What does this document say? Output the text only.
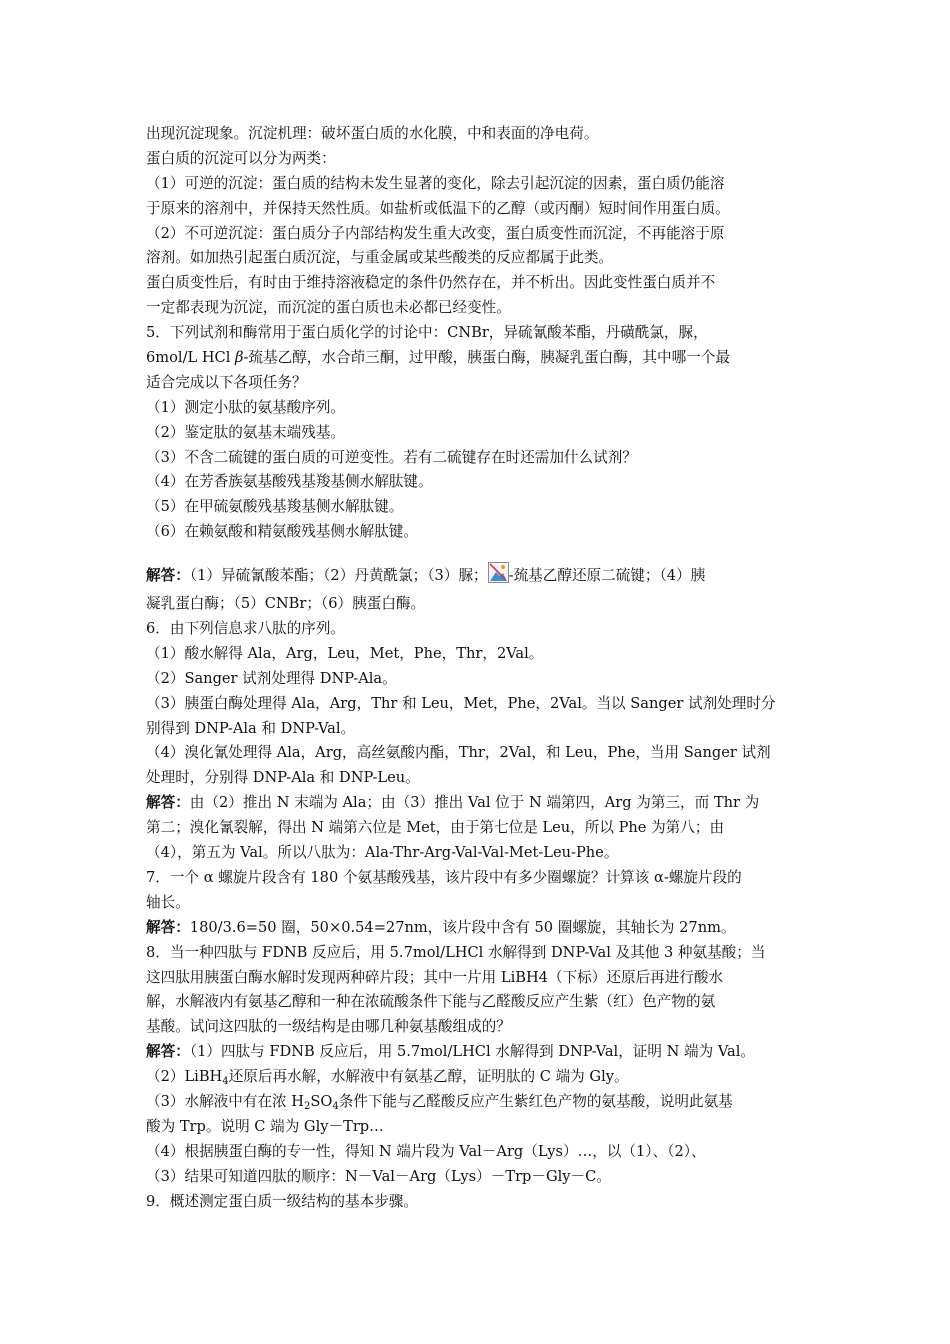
出现沉淀现象。沉淀机理：破坏蛋白质的水化膜，中和表面的净电荷。
蛋白质的沉淀可以分为两类：
（1）可逆的沉淀：蛋白质的结构未发生显著的变化，除去引起沉淀的因素，蛋白质仍能溶
于原来的溶剂中，并保持天然性质。如盐析或低温下的乙醇（或丙酮）短时间作用蛋白质。
（2）不可逆沉淀：蛋白质分子内部结构发生重大改变，蛋白质变性而沉淀，不再能溶于原
溶剂。如加热引起蛋白质沉淀，与重金属或某些酸类的反应都属于此类。
蛋白质变性后，有时由于维持溶液稳定的条件仍然存在，并不析出。因此变性蛋白质并不
一定都表现为沉淀，而沉淀的蛋白质也未必都已经变性。
5．下列试剂和酶常用于蛋白质化学的讨论中：CNBr，异硫氰酸苯酯，丹磺酰氯，脲，
6mol/L HCl β-巯基乙醇，水合茚三酮，过甲酸，胰蛋白酶，胰凝乳蛋白酶，其中哪一个最
适合完成以下各项任务？
（1）测定小肽的氨基酸序列。
（2）鉴定肽的氨基末端残基。
（3）不含二硫键的蛋白质的可逆变性。若有二硫键存在时还需加什么试剂？
（4）在芳香族氨基酸残基羧基侧水解肽键。
（5）在甲硫氨酸残基羧基侧水解肽键。
（6）在赖氨酸和精氨酸残基侧水解肽键。
解答：（1）异硫氰酸苯酯；（2）丹黄酰氯；（3）脲； -巯基乙醇还原二硫键；（4）胰
凝乳蛋白酶；（5）CNBr；（6）胰蛋白酶。
6．由下列信息求八肽的序列。
（1）酸水解得 Ala，Arg，Leu，Met，Phe，Thr，2Val。
（2）Sanger 试剂处理得 DNP-Ala。
（3）胰蛋白酶处理得 Ala，Arg，Thr 和 Leu，Met，Phe，2Val。当以 Sanger 试剂处理时分
别得到 DNP-Ala 和 DNP-Val。
（4）溴化氰处理得 Ala，Arg，高丝氨酸内酯，Thr，2Val，和 Leu，Phe，当用 Sanger 试剂
处理时，分别得 DNP-Ala 和 DNP-Leu。
解答：由（2）推出 N 末端为 Ala；由（3）推出 Val 位于 N 端第四，Arg 为第三，而 Thr 为
第二；溴化氰裂解，得出 N 端第六位是 Met，由于第七位是 Leu，所以 Phe 为第八；由
（4），第五为 Val。所以八肽为：Ala-Thr-Arg-Val-Val-Met-Leu-Phe。
7．一个 α 螺旋片段含有 180 个氨基酸残基，该片段中有多少圈螺旋？计算该 α-螺旋片段的
轴长。
解答：180/3.6=50 圈，50×0.54=27nm，该片段中含有 50 圈螺旋，其轴长为 27nm。
8．当一种四肽与 FDNB 反应后，用 5.7mol/LHCl 水解得到 DNP-Val 及其他 3 种氨基酸；当
这四肽用胰蛋白酶水解时发现两种碎片段；其中一片用 LiBH4（下标）还原后再进行酸水
解，水解液内有氨基乙醇和一种在浓硫酸条件下能与乙醛酸反应产生紫（红）色产物的氨
基酸。试问这四肽的一级结构是由哪几种氨基酸组成的？
解答：（1）四肽与 FDNB 反应后，用 5.7mol/LHCl 水解得到 DNP-Val，证明 N 端为 Val。
（2）LiBH$_4$还原后再水解，水解液中有氨基乙醇，证明肽的 C 端为 Gly。
（3）水解液中有在浓 $H_2SO_4$条件下能与乙醛酸反应产生紫红色产物的氨基酸，说明此氨基
酸为 Trp。说明 C 端为 Gly－Trp…
（4）根据胰蛋白酶的专一性，得知 N 端片段为 Val－Arg（Lys）…，以（1）、（2）、
（3）结果可知道四肽的顺序：N－Val－Arg（Lys）－Trp－Gly－C。
9．概述测定蛋白质一级结构的基本步骤。
